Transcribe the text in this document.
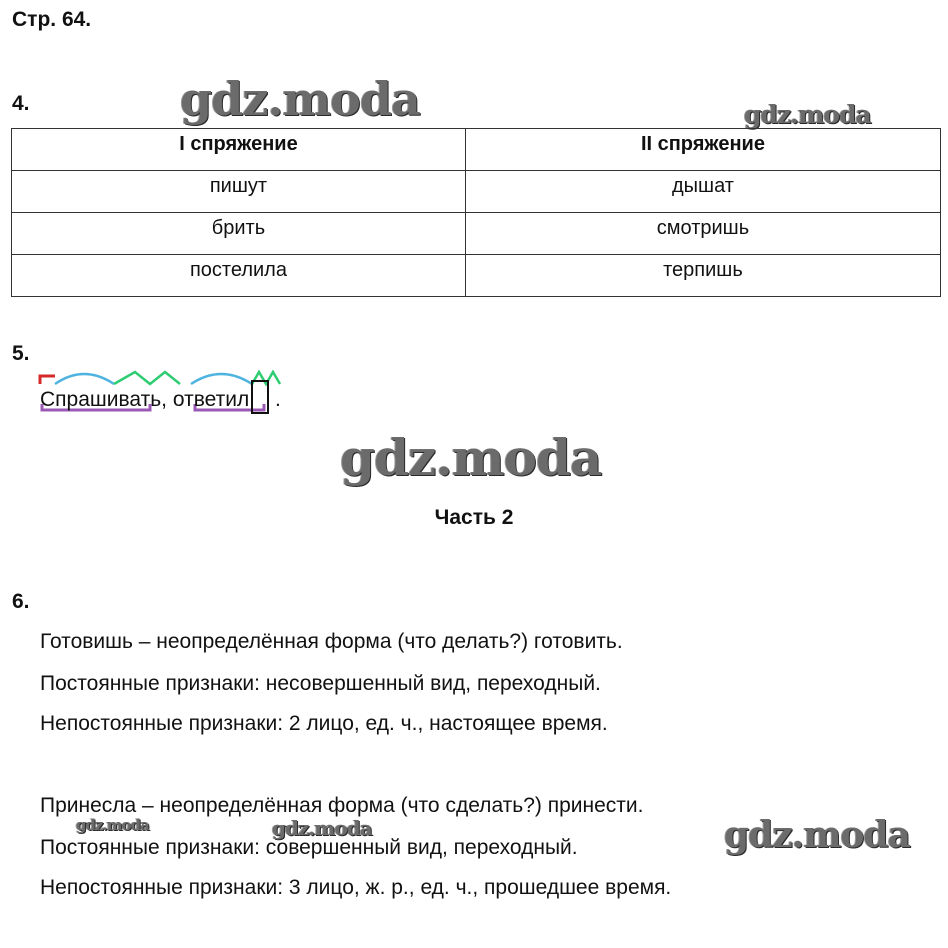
Стр. 64.
4.	gdz.moda	gdz.moda
I спряжение	II спряжение
пишут	дышат
брить	смотришь
постелила	терпишь
5.
Спрашивать, ответил .
gdz.moda
Часть 2
6.
Готовишь – неопределённая форма (что делать?) готовить.
Постоянные признаки: несовершенный вид, переходный.
Непостоянные признаки: 2 лицо, ед. ч., настоящее время.
Принесла – неопределённая форма (что сделать?) принести.
Постоянные признаки: совершенный вид, переходный.
Непостоянные признаки: 3 лицо, ж. р., ед. ч., прошедшее время.
gdz.moda	gdz.moda	gdz.moda
